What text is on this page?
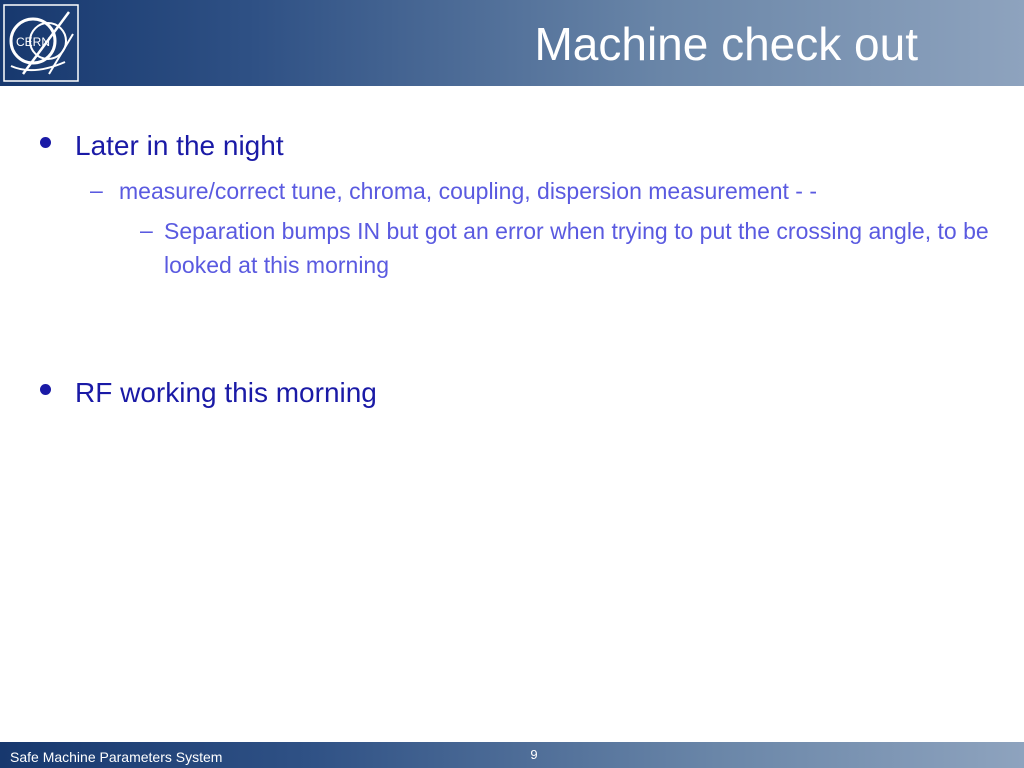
CERN	Machine check out
Later in the night
– measure/correct tune, chroma, coupling, dispersion measurement - -
– Separation bumps IN but got an error when trying to put the crossing angle, to be looked at this morning
RF working this morning
Safe Machine Parameters System	9
